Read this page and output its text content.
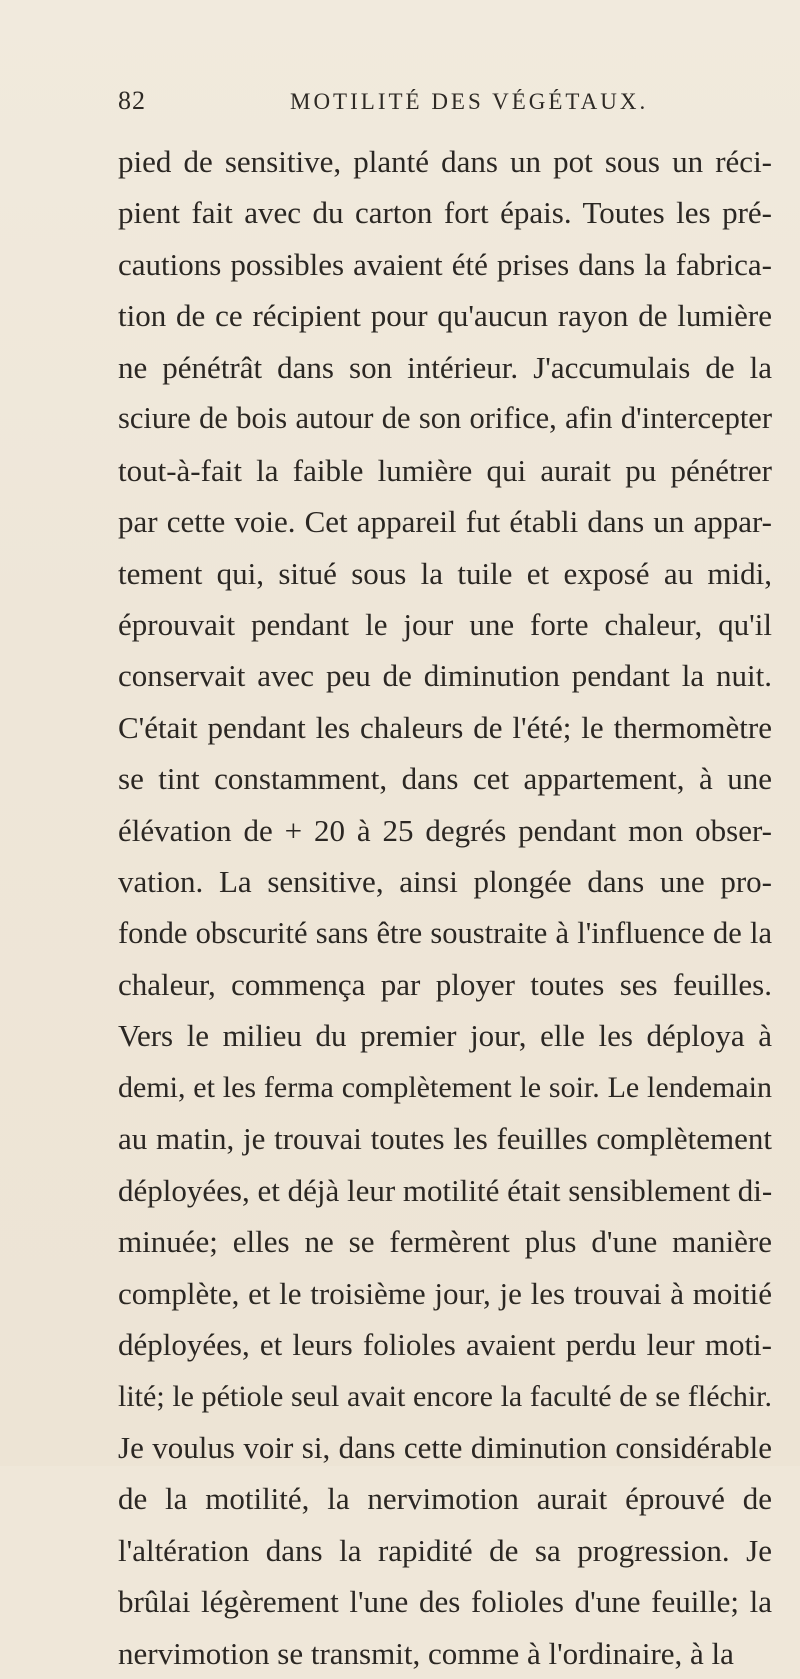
82	MOTILITÉ DES VÉGÉTAUX.
pied de sensitive, planté dans un pot sous un réci-
pient fait avec du carton fort épais. Toutes les pré-
cautions possibles avaient été prises dans la fabrica-
tion de ce récipient pour qu'aucun rayon de lumière
ne pénétrât dans son intérieur. J'accumulais de la
sciure de bois autour de son orifice, afin d'intercepter
tout-à-fait la faible lumière qui aurait pu pénétrer
par cette voie. Cet appareil fut établi dans un appar-
tement qui, situé sous la tuile et exposé au midi,
éprouvait pendant le jour une forte chaleur, qu'il
conservait avec peu de diminution pendant la nuit.
C'était pendant les chaleurs de l'été; le thermomètre
se tint constamment, dans cet appartement, à une
élévation de + 20 à 25 degrés pendant mon obser-
vation. La sensitive, ainsi plongée dans une pro-
fonde obscurité sans être soustraite à l'influence de la
chaleur, commença par ployer toutes ses feuilles.
Vers le milieu du premier jour, elle les déploya à
demi, et les ferma complètement le soir. Le lendemain
au matin, je trouvai toutes les feuilles complètement
déployées, et déjà leur motilité était sensiblement di-
minuée; elles ne se fermèrent plus d'une manière
complète, et le troisième jour, je les trouvai à moitié
déployées, et leurs folioles avaient perdu leur moti-
lité; le pétiole seul avait encore la faculté de se fléchir.
Je voulus voir si, dans cette diminution considérable
de la motilité, la nervimotion aurait éprouvé de
l'altération dans la rapidité de sa progression. Je
brûlai légèrement l'une des folioles d'une feuille; la
nervimotion se transmit, comme à l'ordinaire, à la
